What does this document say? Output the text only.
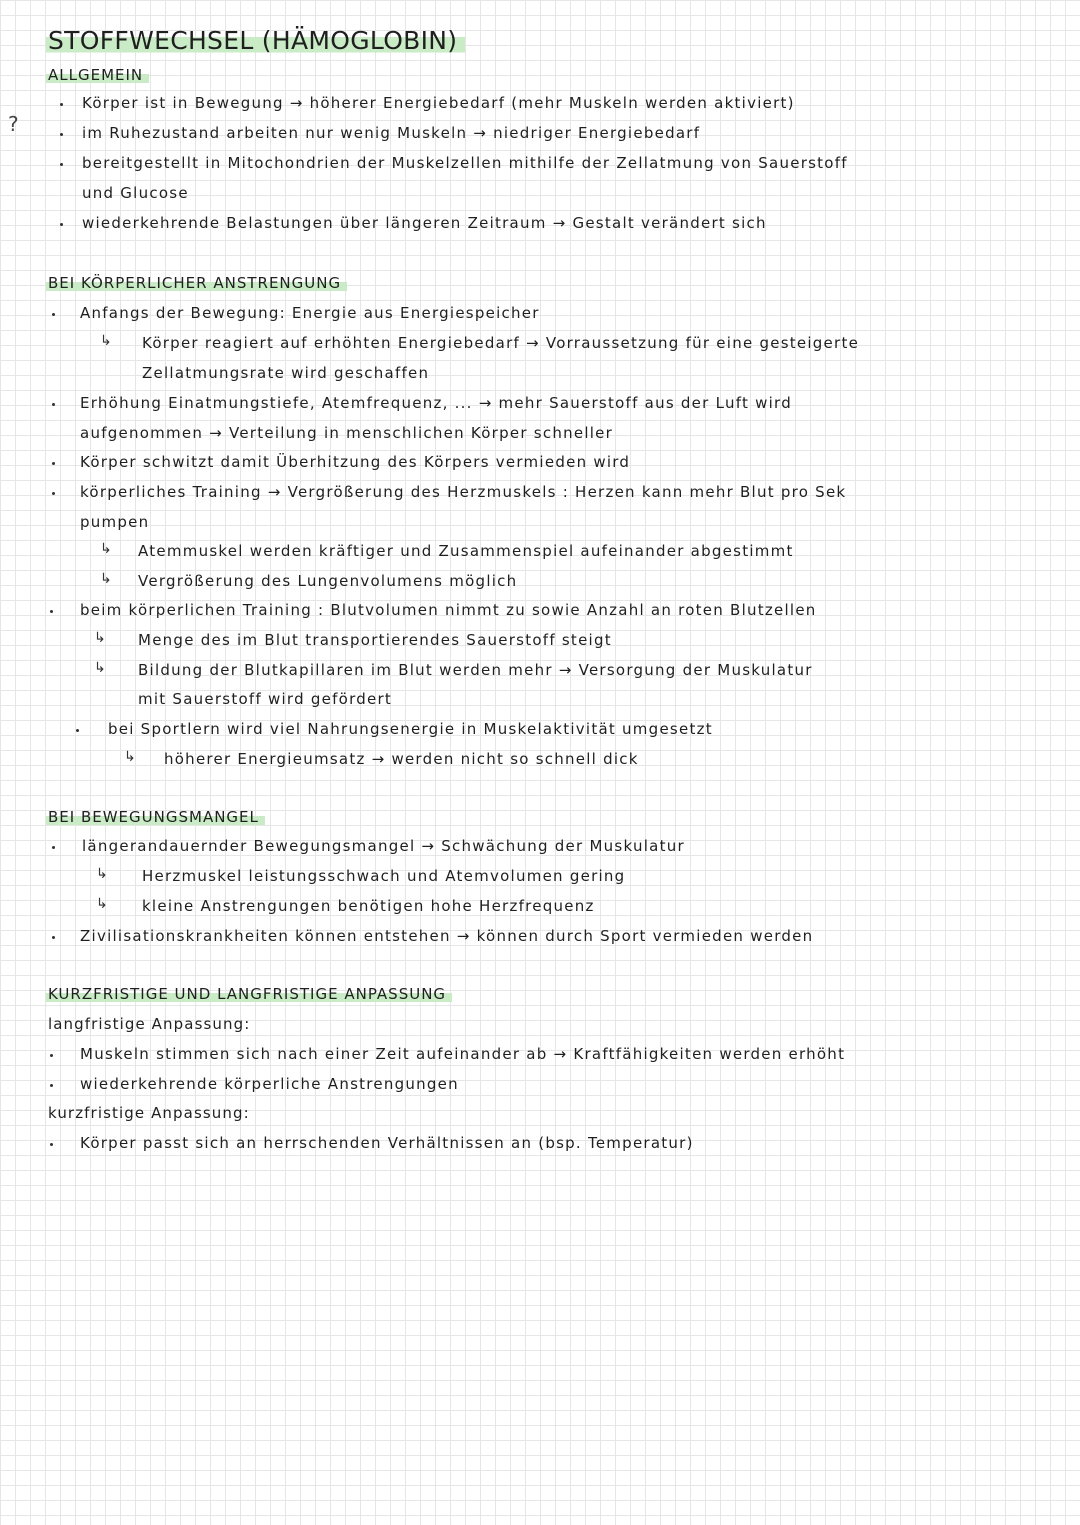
?
STOFFWECHSEL (HÄMOGLOBIN)
ALLGEMEIN

Körper ist in Bewegung → höherer Energiebedarf (mehr Muskeln werden aktiviert)

im Ruhezustand arbeiten nur wenig Muskeln → niedriger Energiebedarf

bereitgestellt in Mitochondrien der Muskelzellen mithilfe der Zellatmung von Sauerstoff

und Glucose

wiederkehrende Belastungen über längeren Zeitraum → Gestalt verändert sich

BEI KÖRPERLICHER ANSTRENGUNG

Anfangs der Bewegung: Energie aus Energiespeicher

↳ Körper reagiert auf erhöhten Energiebedarf → Vorraussetzung für eine gesteigerte

Zellatmungsrate wird geschaffen

Erhöhung Einatmungstiefe, Atemfrequenz, ... → mehr Sauerstoff aus der Luft wird

aufgenommen → Verteilung in menschlichen Körper schneller

Körper schwitzt damit Überhitzung des Körpers vermieden wird

körperliches Training → Vergrößerung des Herzmuskels : Herzen kann mehr Blut pro Sek

pumpen

↳ Atemmuskel werden kräftiger und Zusammenspiel aufeinander abgestimmt

↳ Vergrößerung des Lungenvolumens möglich

beim körperlichen Training : Blutvolumen nimmt zu sowie Anzahl an roten Blutzellen

↳ Menge des im Blut transportierendes Sauerstoff steigt

↳ Bildung der Blutkapillaren im Blut werden mehr → Versorgung der Muskulatur

mit Sauerstoff wird gefördert

bei Sportlern wird viel Nahrungsenergie in Muskelaktivität umgesetzt

↳ höherer Energieumsatz → werden nicht so schnell dick

BEI BEWEGUNGSMANGEL

längerandauernder Bewegungsmangel → Schwächung der Muskulatur

↳ Herzmuskel leistungsschwach und Atemvolumen gering

↳ kleine Anstrengungen benötigen hohe Herzfrequenz

Zivilisationskrankheiten können entstehen → können durch Sport vermieden werden

KURZFRISTIGE UND LANGFRISTIGE ANPASSUNG

langfristige Anpassung:

Muskeln stimmen sich nach einer Zeit aufeinander ab → Kraftfähigkeiten werden erhöht

wiederkehrende körperliche Anstrengungen

kurzfristige Anpassung:

Körper passt sich an herrschenden Verhältnissen an (bsp. Temperatur)
